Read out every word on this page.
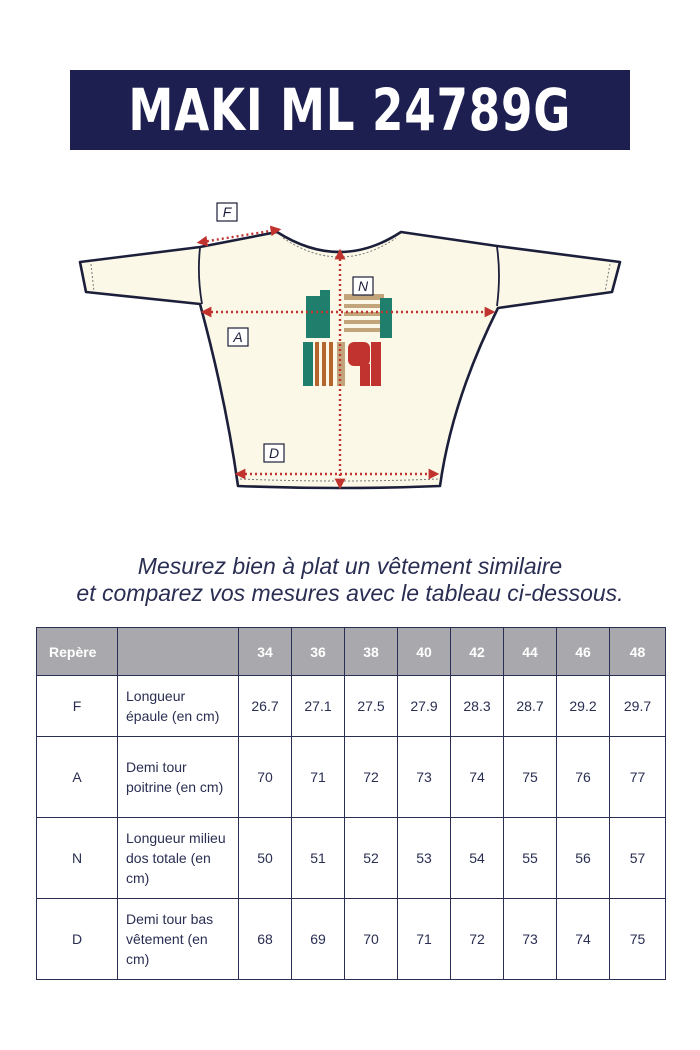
MAKI ML 24789G
F
N
A
D
Mesurez bien à plat un vêtement similaire
et comparez vos mesures avec le tableau ci-dessous.
Repère		34	36	38	40	42	44	46	48
F	Longueur épaule (en cm)	26.7	27.1	27.5	27.9	28.3	28.7	29.2	29.7
A	Demi tour poitrine (en cm)	70	71	72	73	74	75	76	77
N	Longueur milieu dos totale (en cm)	50	51	52	53	54	55	56	57
D	Demi tour bas vêtement (en cm)	68	69	70	71	72	73	74	75
